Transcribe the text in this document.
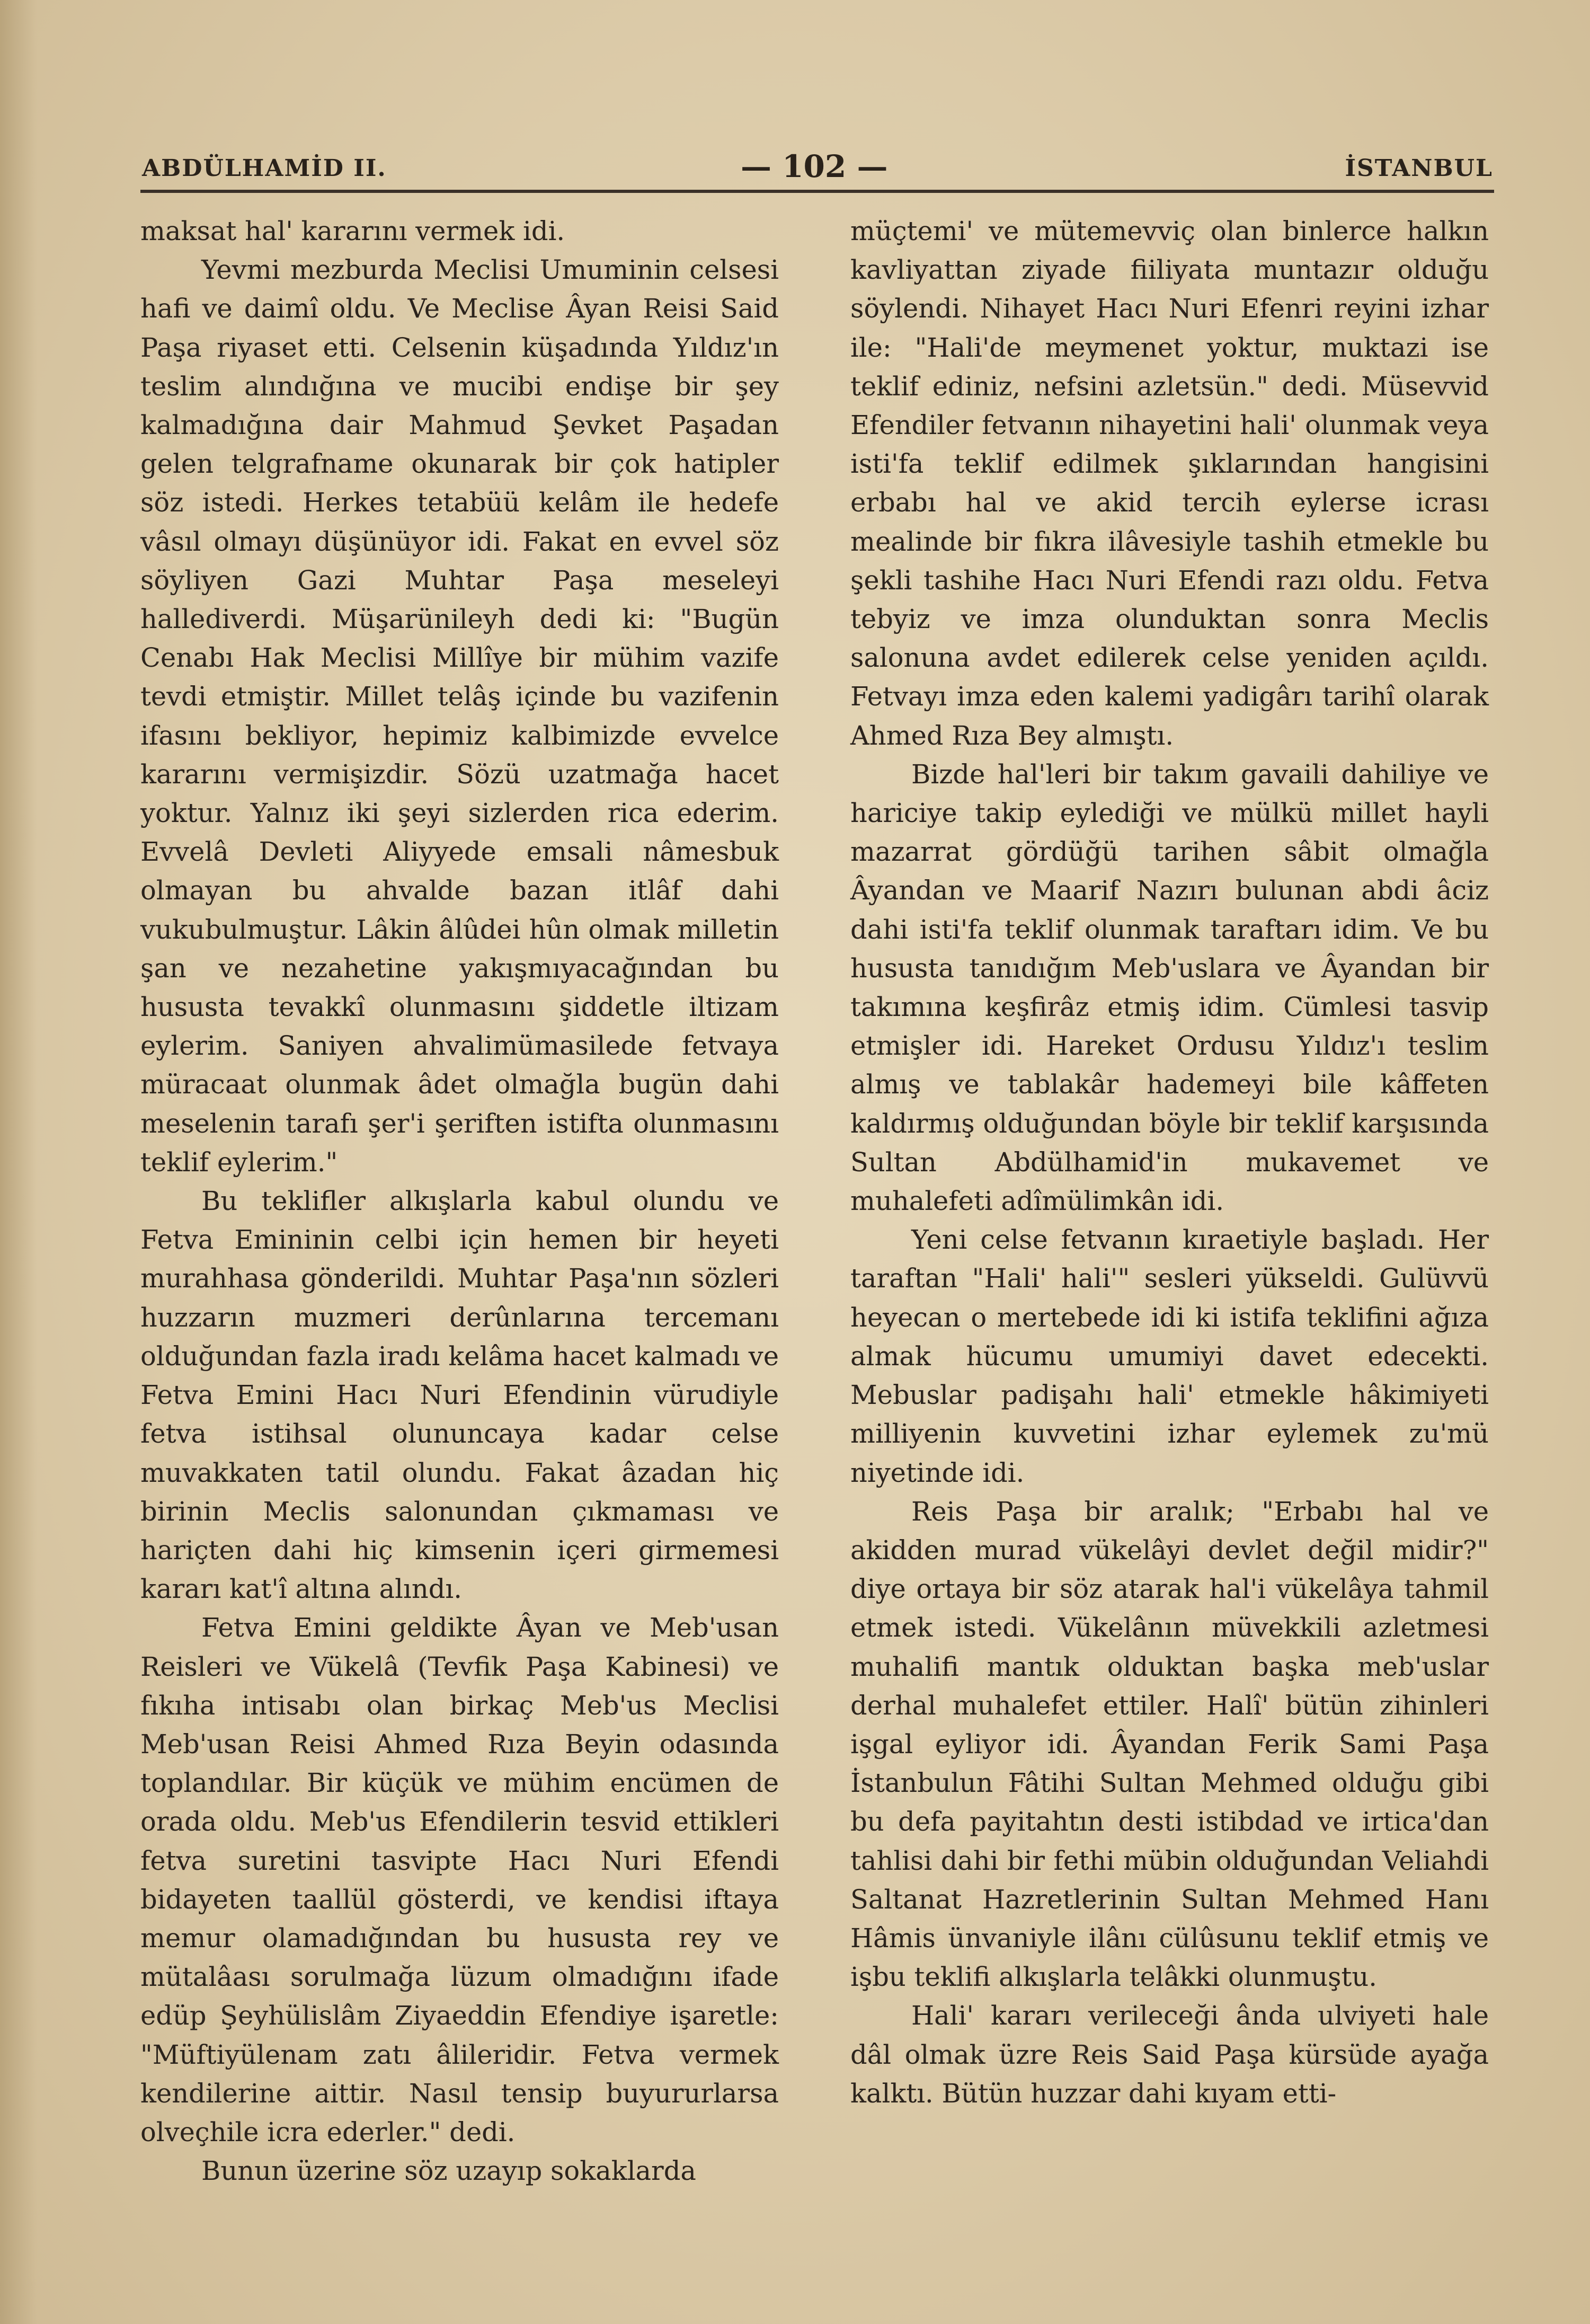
ABDÜLHAMİD II.	— 102 —	İSTANBUL

maksat hal' kararını vermek idi.

Yevmi mezburda Meclisi Umuminin celsesi hafi ve daimî oldu. Ve Meclise Âyan Reisi Said Paşa riyaset etti. Celsenin küşadında Yıldız'ın teslim alındığına ve mucibi endişe bir şey kalmadığına dair Mahmud Şevket Paşadan gelen telgrafname okunarak bir çok hatipler söz istedi. Herkes tetabüü kelâm ile hedefe vâsıl olmayı düşünüyor idi. Fakat en evvel söz söyliyen Gazi Muhtar Paşa meseleyi hallediverdi. Müşarünileyh dedi ki: "Bugün Cenabı Hak Meclisi Millîye bir mühim vazife tevdi etmiştir. Millet telâş içinde bu vazifenin ifasını bekliyor, hepimiz kalbimizde evvelce kararını vermişizdir. Sözü uzatmağa hacet yoktur. Yalnız iki şeyi sizlerden rica ederim. Evvelâ Devleti Aliyyede emsali nâmesbuk olmayan bu ahvalde bazan itlâf dahi vukubulmuştur. Lâkin âlûdei hûn olmak milletin şan ve nezahetine yakışmıyacağından bu hususta tevakkî olunmasını şiddetle iltizam eylerim. Saniyen ahvalimümasilede fetvaya müracaat olunmak âdet olmağla bugün dahi meselenin tarafı şer'i şeriften istifta olunmasını teklif eylerim."

Bu teklifler alkışlarla kabul olundu ve Fetva Emininin celbi için hemen bir heyeti murahhasa gönderildi. Muhtar Paşa'nın sözleri huzzarın muzmeri derûnlarına tercemanı olduğundan fazla iradı kelâma hacet kalmadı ve Fetva Emini Hacı Nuri Efendinin vürudiyle fetva istihsal olununcaya kadar celse muvakkaten tatil olundu. Fakat âzadan hiç birinin Meclis salonundan çıkmaması ve hariçten dahi hiç kimsenin içeri girmemesi kararı kat'î altına alındı.

Fetva Emini geldikte Âyan ve Meb'usan Reisleri ve Vükelâ (Tevfik Paşa Kabinesi) ve fıkıha intisabı olan birkaç Meb'us Meclisi Meb'usan Reisi Ahmed Rıza Beyin odasında toplandılar. Bir küçük ve mühim encümen de orada oldu. Meb'us Efendilerin tesvid ettikleri fetva suretini tasvipte Hacı Nuri Efendi bidayeten taallül gösterdi, ve kendisi iftaya memur olamadığından bu hususta rey ve mütalâası sorulmağa lüzum olmadığını ifade edüp Şeyhülislâm Ziyaeddin Efendiye işaretle: "Müftiyülenam zatı âlileridir. Fetva vermek kendilerine aittir. Nasıl tensip buyururlarsa olveçhile icra ederler." dedi.

Bunun üzerine söz uzayıp sokaklarda

müçtemi' ve mütemevviç olan binlerce halkın kavliyattan ziyade fiiliyata muntazır olduğu söylendi. Nihayet Hacı Nuri Efenri reyini izhar ile: "Hali'de meymenet yoktur, muktazi ise teklif ediniz, nefsini azletsün." dedi. Müsevvid Efendiler fetvanın nihayetini hali' olunmak veya isti'fa teklif edilmek şıklarından hangisini erbabı hal ve akid tercih eylerse icrası mealinde bir fıkra ilâvesiyle tashih etmekle bu şekli tashihe Hacı Nuri Efendi razı oldu. Fetva tebyiz ve imza olunduktan sonra Meclis salonuna avdet edilerek celse yeniden açıldı. Fetvayı imza eden kalemi yadigârı tarihî olarak Ahmed Rıza Bey almıştı.

Bizde hal'leri bir takım gavaili dahiliye ve hariciye takip eylediği ve mülkü millet hayli mazarrat gördüğü tarihen sâbit olmağla Âyandan ve Maarif Nazırı bulunan abdi âciz dahi isti'fa teklif olunmak taraftarı idim. Ve bu hususta tanıdığım Meb'uslara ve Âyandan bir takımına keşfirâz etmiş idim. Cümlesi tasvip etmişler idi. Hareket Ordusu Yıldız'ı teslim almış ve tablakâr hademeyi bile kâffeten kaldırmış olduğundan böyle bir teklif karşısında Sultan Abdülhamid'in mukavemet ve muhalefeti adîmülimkân idi.

Yeni celse fetvanın kıraetiyle başladı. Her taraftan "Hali' hali'" sesleri yükseldi. Gulüvvü heyecan o mertebede idi ki istifa teklifini ağıza almak hücumu umumiyi davet edecekti. Mebuslar padişahı hali' etmekle hâkimiyeti milliyenin kuvvetini izhar eylemek zu'mü niyetinde idi.

Reis Paşa bir aralık; "Erbabı hal ve akidden murad vükelâyi devlet değil midir?" diye ortaya bir söz atarak hal'i vükelâya tahmil etmek istedi. Vükelânın müvekkili azletmesi muhalifi mantık olduktan başka meb'uslar derhal muhalefet ettiler. Halî' bütün zihinleri işgal eyliyor idi. Âyandan Ferik Sami Paşa İstanbulun Fâtihi Sultan Mehmed olduğu gibi bu defa payitahtın desti istibdad ve irtica'dan tahlisi dahi bir fethi mübin olduğundan Veliahdi Saltanat Hazretlerinin Sultan Mehmed Hanı Hâmis ünvaniyle ilânı cülûsunu teklif etmiş ve işbu teklifi alkışlarla telâkki olunmuştu.

Hali' kararı verileceği ânda ulviyeti hale dâl olmak üzre Reis Said Paşa kürsüde ayağa kalktı. Bütün huzzar dahi kıyam etti-
